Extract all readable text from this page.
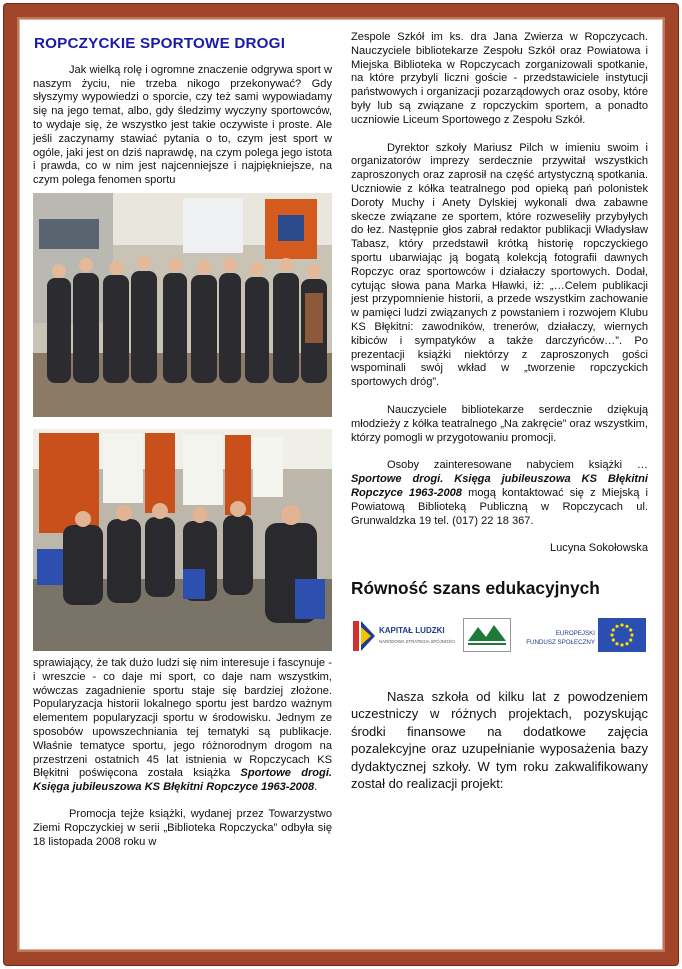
ROPCZYCKIE SPORTOWE DROGI

Jak wielką rolę i ogromne znaczenie odgrywa sport w naszym życiu, nie trzeba nikogo przekonywać? Gdy słyszymy wypowiedzi o sporcie, czy też sami wypowiadamy się na jego temat, albo, gdy śledzimy wyczyny sportowców, to wydaje się, że wszystko jest takie oczywiste i proste. Ale jeśli zaczynamy stawiać pytania o to, czym jest sport w ogóle, jaki jest on dziś naprawdę, na czym polega jego istota i prawda, co w nim jest najcenniejsze i najpiękniejsze, na czym polega fenomen sportu

sprawiający, że tak dużo ludzi się nim interesuje i fascynuje - i wreszcie - co daje mi sport, co daje nam wszystkim, wówczas zagadnienie sportu staje się bardziej złożone. Popularyzacja historii lokalnego sportu jest bardzo ważnym elementem popularyzacji sportu w środowisku. Jednym ze sposobów upowszechniania tej tematyki są publikacje. Właśnie tematyce sportu, jego różnorodnym drogom na przestrzeni ostatnich 45 lat istnienia w Ropczycach KS Błękitni poświęcona została książka Sportowe drogi. Księga jubileuszowa KS Błękitni Ropczyce 1963-2008.

Promocja tejże książki, wydanej przez Towarzystwo Ziemi Ropczyckiej w serii „Biblioteka Ropczycka” odbyła się 18 listopada 2008 roku w

Zespole Szkół im ks. dra Jana Zwierza w Ropczycach. Nauczyciele bibliotekarze Zespołu Szkół oraz Powiatowa i Miejska Biblioteka w Ropczycach zorganizowali spotkanie, na które przybyli liczni goście - przedstawiciele instytucji państwowych i organizacji pozarządowych oraz osoby, które były lub są związane z ropczyckim sportem, a ponadto uczniowie Liceum Sportowego z Zespołu Szkół.

Dyrektor szkoły Mariusz Pilch w imieniu swoim i organizatorów imprezy serdecznie przywitał wszystkich zaproszonych oraz zaprosił na część artystyczną spotkania. Uczniowie z kółka teatralnego pod opieką pań polonistek Doroty Muchy i Anety Dylskiej wykonali dwa zabawne skecze związane ze sportem, które rozweseliły przybyłych do łez. Następnie głos zabrał redaktor publikacji Władysław Tabasz, który przedstawił krótką historię ropczyckiego sportu ubarwiając ją bogatą kolekcją fotografii dawnych Ropczyc oraz sportowców i działaczy sportowych. Dodał, cytując słowa pana Marka Hławki, iż: „…Celem publikacji jest przypomnienie historii, a przede wszystkim zachowanie w pamięci ludzi związanych z powstaniem i rozwojem Klubu KS Błękitni: zawodników, trenerów, działaczy, wiernych kibiców i sympatyków a także darczyńców…”. Po prezentacji książki niektórzy z zaproszonych gości wspominali swój wkład w „tworzenie ropczyckich sportowych dróg”.

Nauczyciele bibliotekarze serdecznie dziękują młodzieży z kółka teatralnego „Na zakręcie” oraz wszystkim, którzy pomogli w przygotowaniu promocji.

Osoby zainteresowane nabyciem książki … Sportowe drogi. Księga jubileuszowa KS Błękitni Ropczyce 1963-2008 mogą kontaktować się z Miejską i Powiatową Biblioteką Publiczną w Ropczycach ul. Grunwaldzka 19 tel. (017) 22 18 367.

Lucyna Sokołowska

Równość szans edukacyjnych

KAPITAŁ LUDZKI
NARODOWA STRATEGIA SPÓJNOŚCI
EUROPEJSKI
FUNDUSZ SPOŁECZNY

Nasza szkoła od kilku lat z powodzeniem uczestniczy w różnych projektach, pozyskując środki finansowe na dodatkowe zajęcia pozalekcyjne oraz uzupełnianie wyposażenia bazy dydaktycznej szkoły. W tym roku zakwalifikowany został do realizacji projekt:
